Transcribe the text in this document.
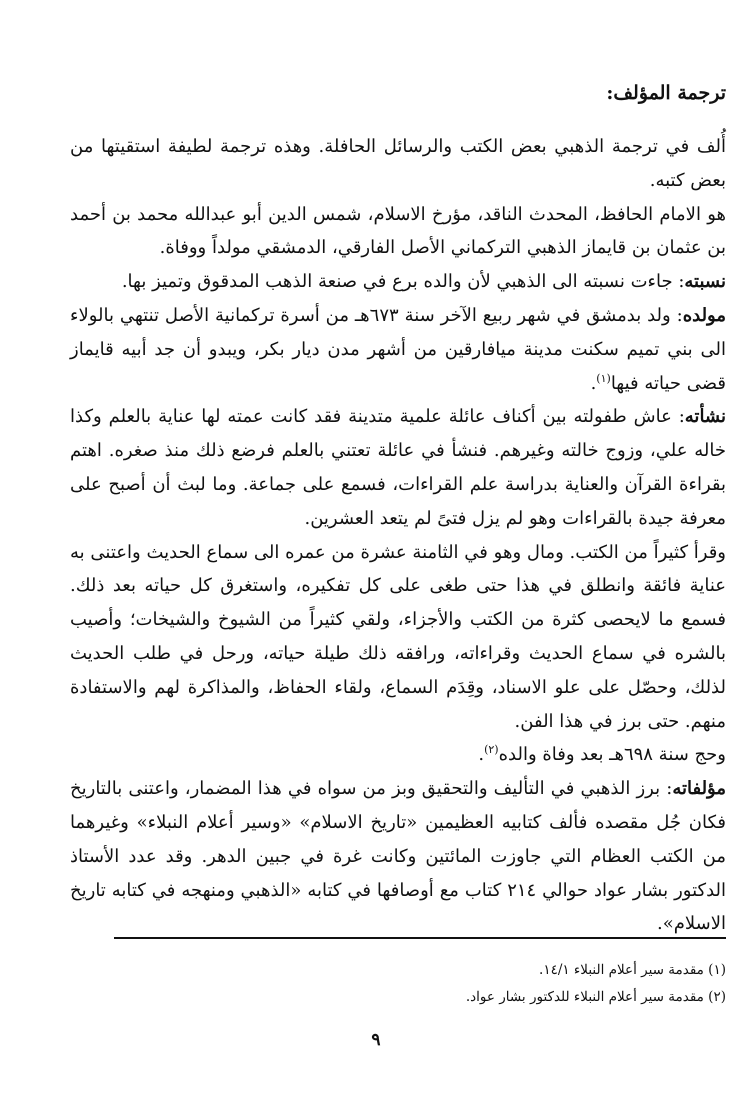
ترجمة المؤلف:

أُلف في ترجمة الذهبي بعض الكتب والرسائل الحافلة. وهذه ترجمة لطيفة استقيتها من بعض كتبه.

هو الامام الحافظ، المحدث الناقد، مؤرخ الاسلام، شمس الدين أبو عبدالله محمد بن أحمد بن عثمان بن قايماز الذهبي التركماني الأصل الفارقي، الدمشقي مولداً ووفاة.

نسبته: جاءت نسبته الى الذهبي لأن والده برع في صنعة الذهب المدقوق وتميز بها.

مولده: ولد بدمشق في شهر ربيع الآخر سنة ٦٧٣هـ من أسرة تركمانية الأصل تنتهي بالولاء الى بني تميم سكنت مدينة ميافارقين من أشهر مدن ديار بكر، ويبدو أن جد أبيه قايماز قضى حياته فيها$^{(١)}$.

نشأته: عاش طفولته بين أكناف عائلة علمية متدينة فقد كانت عمته لها عناية بالعلم وكذا خاله علي، وزوج خالته وغيرهم. فنشأ في عائلة تعتني بالعلم فرضع ذلك منذ صغره. اهتم بقراءة القرآن والعناية بدراسة علم القراءات، فسمع على جماعة. وما لبث أن أصبح على معرفة جيدة بالقراءات وهو لم يزل فتىً لم يتعد العشرين.

وقرأ كثيراً من الكتب. ومال وهو في الثامنة عشرة من عمره الى سماع الحديث واعتنى به عناية فائقة وانطلق في هذا حتى طغى على كل تفكيره، واستغرق كل حياته بعد ذلك. فسمع ما لايحصى كثرة من الكتب والأجزاء، ولقي كثيراً من الشيوخ والشيخات؛ وأصيب بالشره في سماع الحديث وقراءاته، ورافقه ذلك طيلة حياته، ورحل في طلب الحديث لذلك، وحصّل على علو الاسناد، وقِدَم السماع، ولقاء الحفاظ، والمذاكرة لهم والاستفادة منهم. حتى برز في هذا الفن.

وحج سنة ٦٩٨هـ بعد وفاة والده$^{(٢)}$.

مؤلفاته: برز الذهبي في التأليف والتحقيق وبز من سواه في هذا المضمار، واعتنى بالتاريخ فكان جُل مقصده فألف كتابيه العظيمين «تاريخ الاسلام» «وسير أعلام النبلاء» وغيرهما من الكتب العظام التي جاوزت المائتين وكانت غرة في جبين الدهر. وقد عدد الأستاذ الدكتور بشار عواد حوالي ٢١٤ كتاب مع أوصافها في كتابه «الذهبي ومنهجه في كتابه تاريخ الاسلام».

(١) مقدمة سير أعلام النبلاء ١٤/١.
(٢) مقدمة سير أعلام النبلاء للدكتور بشار عواد.
٩
